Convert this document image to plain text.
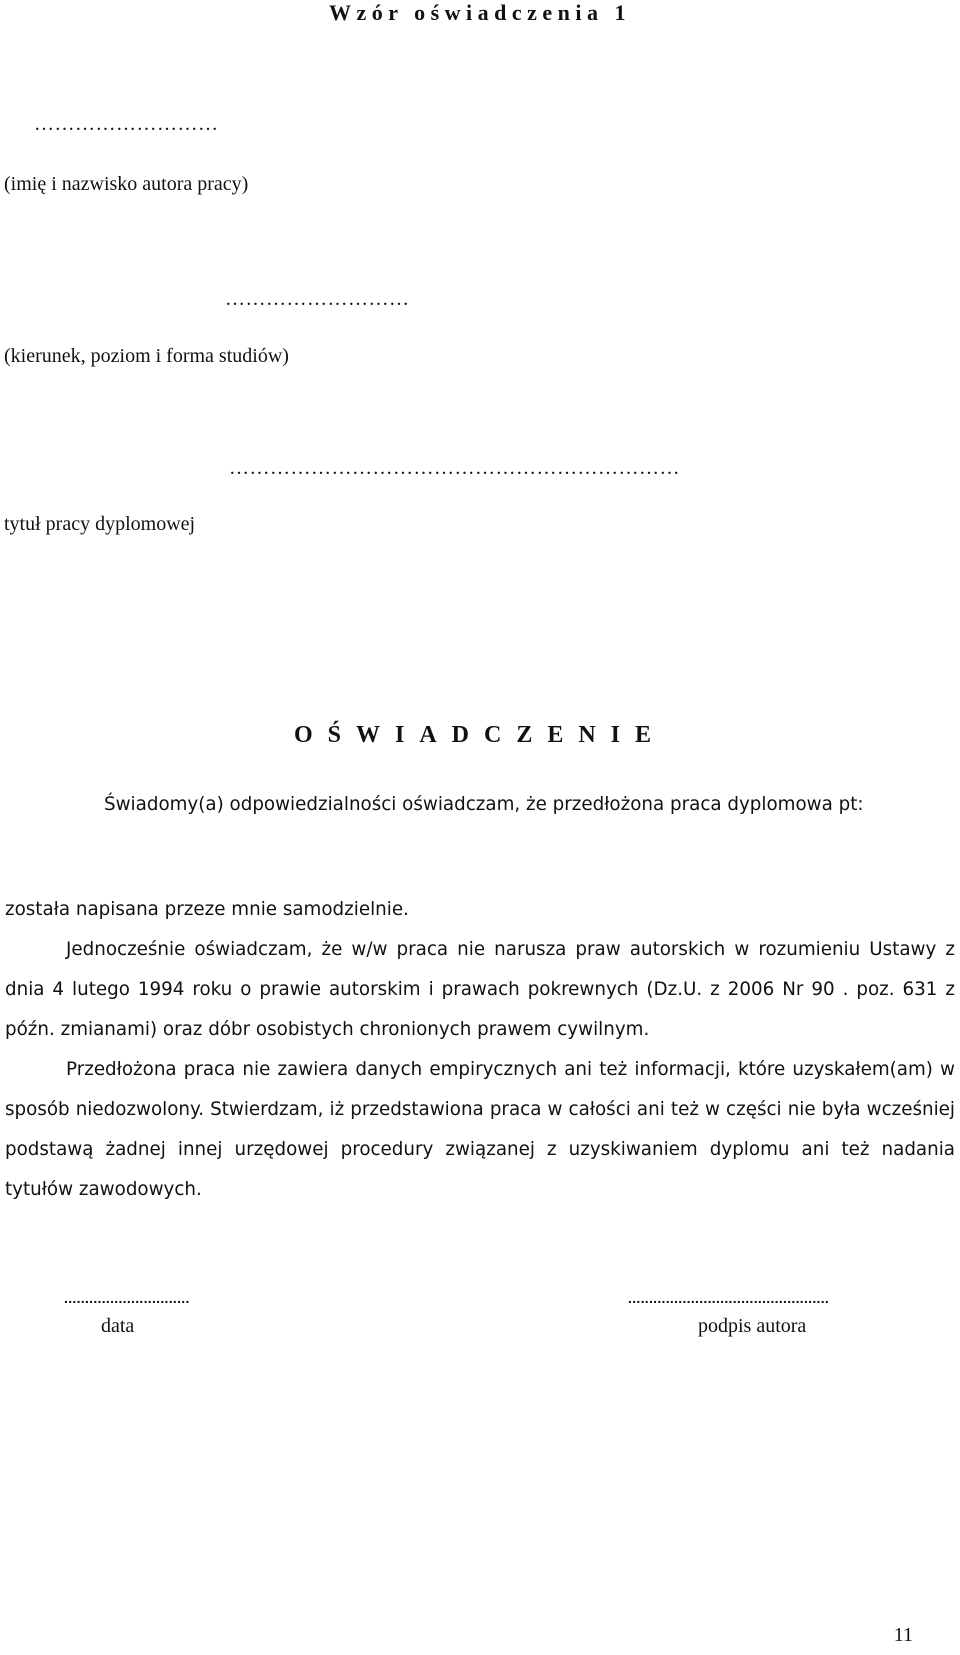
Wzór oświadczenia 1
………………………
(imię i nazwisko autora pracy)
………………………
(kierunek, poziom i forma studiów)
…………………………………………………………
tytuł pracy dyplomowej
OŚWIADCZENIE
Świadomy(a) odpowiedzialności oświadczam, że przedłożona praca dyplomowa pt:

została napisana przeze mnie samodzielnie.

Jednocześnie oświadczam, że w/w praca nie narusza praw autorskich w rozumieniu Ustawy z dnia 4 lutego 1994 roku o prawie autorskim i prawach pokrewnych (Dz.U. z 2006 Nr 90 . poz. 631 z późn. zmianami) oraz dóbr osobistych chronionych prawem cywilnym.

Przedłożona praca nie zawiera danych empirycznych ani też informacji, które uzyskałem(am) w sposób niedozwolony. Stwierdzam, iż przedstawiona praca w całości ani też w części nie była wcześniej podstawą żadnej innej urzędowej procedury związanej z uzyskiwaniem dyplomu ani też nadania tytułów zawodowych.

..............................
data
................................................
podpis autora
11
